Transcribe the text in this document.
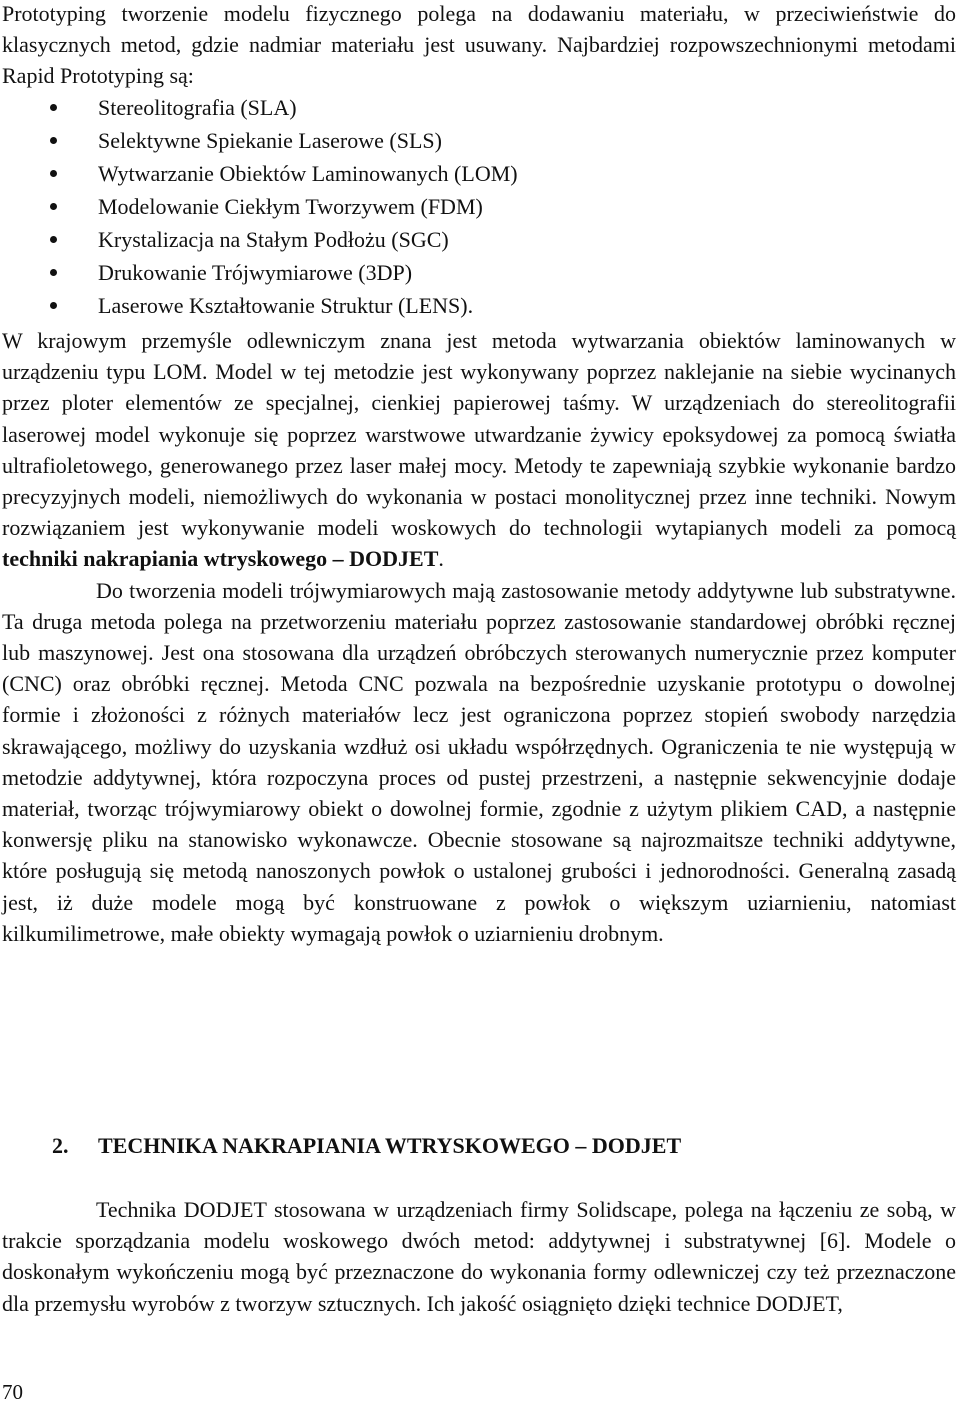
Prototyping tworzenie modelu fizycznego polega na dodawaniu materiału, w przeciwieństwie do klasycznych metod, gdzie nadmiar materiału jest usuwany. Najbardziej rozpowszechnionymi metodami Rapid Prototyping są:
Stereolitografia (SLA)
Selektywne Spiekanie Laserowe (SLS)
Wytwarzanie Obiektów Laminowanych (LOM)
Modelowanie Ciekłym Tworzywem (FDM)
Krystalizacja na Stałym Podłożu (SGC)
Drukowanie Trójwymiarowe (3DP)
Laserowe Kształtowanie Struktur (LENS).
W krajowym przemyśle odlewniczym znana jest metoda wytwarzania obiektów laminowanych w urządzeniu typu LOM. Model w tej metodzie jest wykonywany poprzez naklejanie na siebie wycinanych przez ploter elementów ze specjalnej, cienkiej papierowej taśmy. W urządzeniach do stereolitografii laserowej model wykonuje się poprzez warstwowe utwardzanie żywicy epoksydowej za pomocą światła ultrafioletowego, generowanego przez laser małej mocy. Metody te zapewniają szybkie wykonanie bardzo precyzyjnych modeli, niemożliwych do wykonania w postaci monolitycznej przez inne techniki. Nowym rozwiązaniem jest wykonywanie modeli woskowych do technologii wytapianych modeli za pomocą techniki nakrapiania wtryskowego – DODJET.
Do tworzenia modeli trójwymiarowych mają zastosowanie metody addytywne lub substratywne. Ta druga metoda polega na przetworzeniu materiału poprzez zastosowanie standardowej obróbki ręcznej lub maszynowej. Jest ona stosowana dla urządzeń obróbczych sterowanych numerycznie przez komputer (CNC) oraz obróbki ręcznej. Metoda CNC pozwala na bezpośrednie uzyskanie prototypu o dowolnej formie i złożoności z różnych materiałów lecz jest ograniczona poprzez stopień swobody narzędzia skrawającego, możliwy do uzyskania wzdłuż osi układu współrzędnych. Ograniczenia te nie występują w metodzie addytywnej, która rozpoczyna proces od pustej przestrzeni, a następnie sekwencyjnie dodaje materiał, tworząc trójwymiarowy obiekt o dowolnej formie, zgodnie z użytym plikiem CAD, a następnie konwersję pliku na stanowisko wykonawcze. Obecnie stosowane są najrozmaitsze techniki addytywne, które posługują się metodą nanoszonych powłok o ustalonej grubości i jednorodności. Generalną zasadą jest, iż duże modele mogą być konstruowane z powłok o większym uziarnieniu, natomiast kilkumilimetrowe, małe obiekty wymagają powłok o uziarnieniu drobnym.
2. TECHNIKA NAKRAPIANIA WTRYSKOWEGO – DODJET
Technika DODJET stosowana w urządzeniach firmy Solidscape, polega na łączeniu ze sobą, w trakcie sporządzania modelu woskowego dwóch metod: addytywnej i substratywnej [6]. Modele o doskonałym wykończeniu mogą być przeznaczone do wykonania formy odlewniczej czy też przeznaczone dla przemysłu wyrobów z tworzyw sztucznych. Ich jakość osiągnięto dzięki technice DODJET,
70
